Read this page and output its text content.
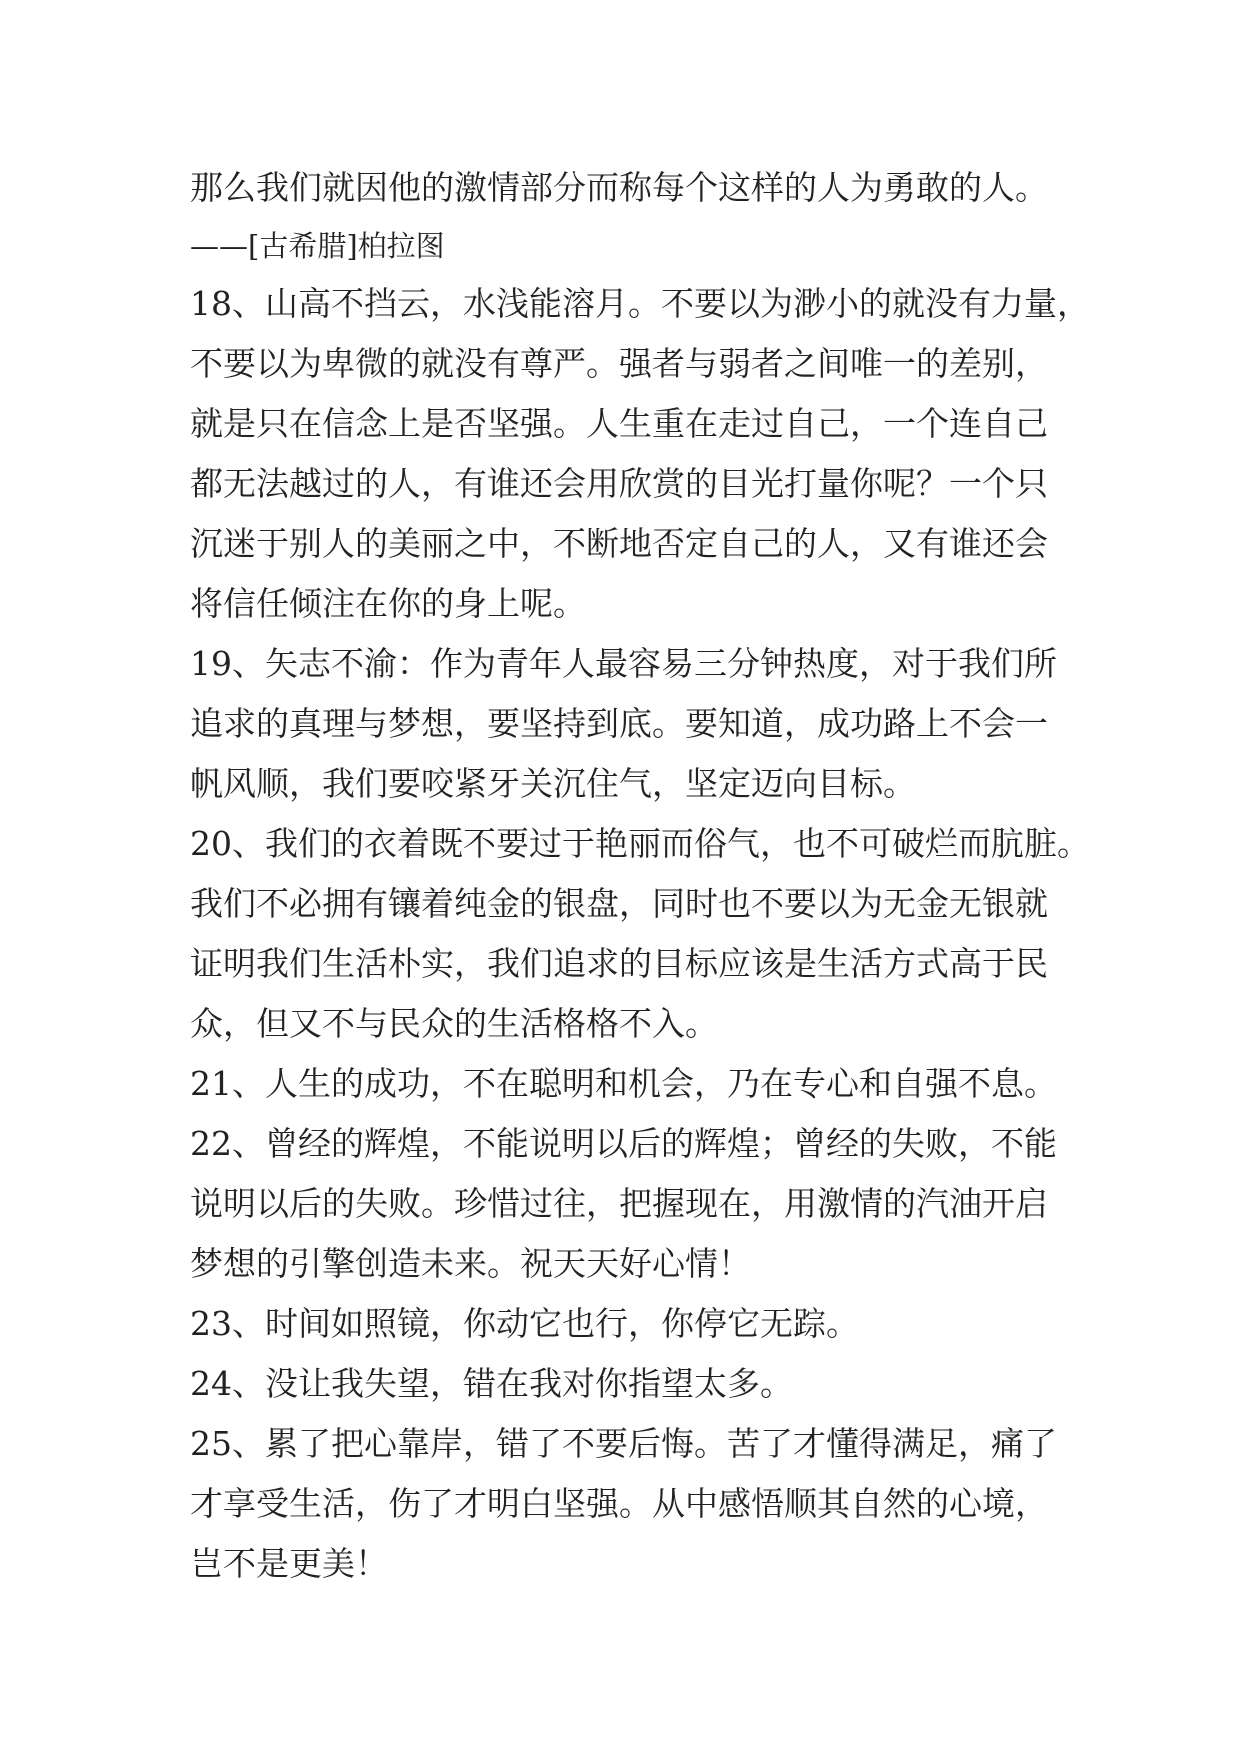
那么我们就因他的激情部分而称每个这样的人为勇敢的人。
——[古希腊]柏拉图
18、山高不挡云，水浅能溶月。不要以为渺小的就没有力量，
不要以为卑微的就没有尊严。强者与弱者之间唯一的差别，
就是只在信念上是否坚强。人生重在走过自己，一个连自己
都无法越过的人，有谁还会用欣赏的目光打量你呢？一个只
沉迷于别人的美丽之中，不断地否定自己的人，又有谁还会
将信任倾注在你的身上呢。
19、矢志不渝：作为青年人最容易三分钟热度，对于我们所
追求的真理与梦想，要坚持到底。要知道，成功路上不会一
帆风顺，我们要咬紧牙关沉住气，坚定迈向目标。
20、我们的衣着既不要过于艳丽而俗气，也不可破烂而肮脏。
我们不必拥有镶着纯金的银盘，同时也不要以为无金无银就
证明我们生活朴实，我们追求的目标应该是生活方式高于民
众，但又不与民众的生活格格不入。
21、人生的成功，不在聪明和机会，乃在专心和自强不息。
22、曾经的辉煌，不能说明以后的辉煌；曾经的失败，不能
说明以后的失败。珍惜过往，把握现在，用激情的汽油开启
梦想的引擎创造未来。祝天天好心情！
23、时间如照镜，你动它也行，你停它无踪。
24、没让我失望，错在我对你指望太多。
25、累了把心靠岸，错了不要后悔。苦了才懂得满足，痛了
才享受生活，伤了才明白坚强。从中感悟顺其自然的心境，
岂不是更美！
